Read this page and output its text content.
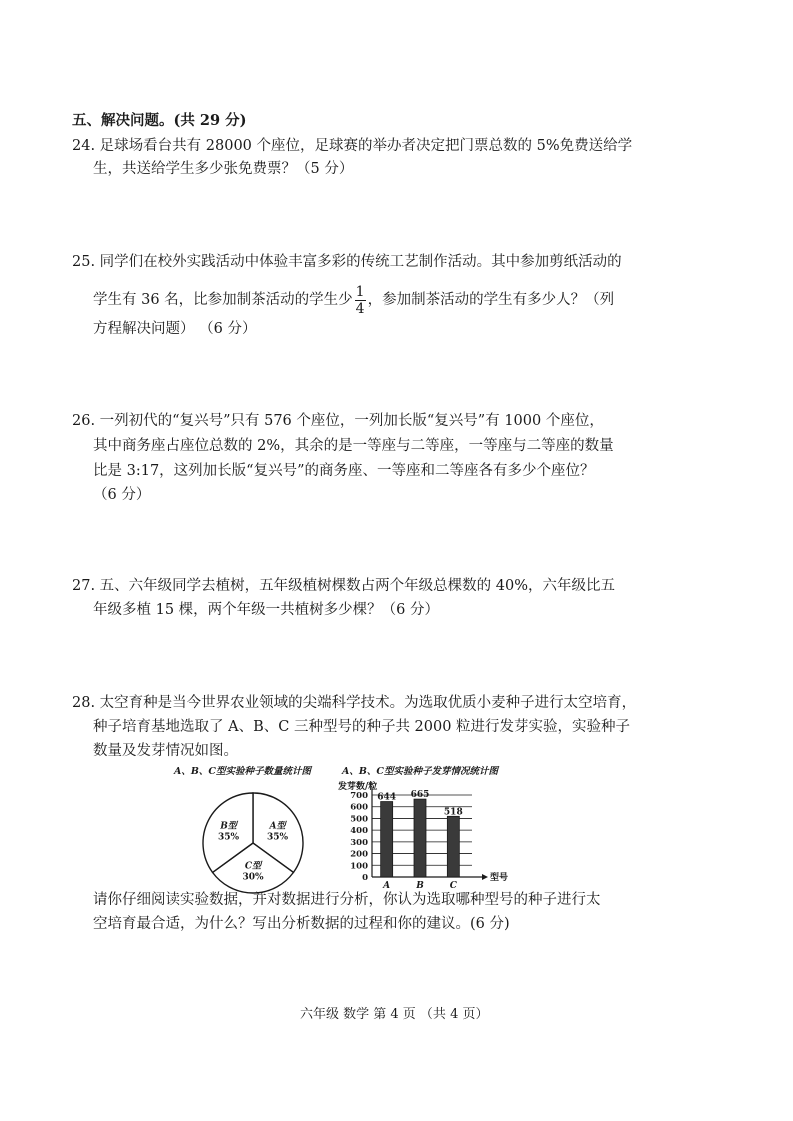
五、解决问题。(共 29 分)
24. 足球场看台共有 28000 个座位，足球赛的举办者决定把门票总数的 5%免费送给学
生，共送给学生多少张免费票？（5 分）
25. 同学们在校外实践活动中体验丰富多彩的传统工艺制作活动。其中参加剪纸活动的
学生有 36 名，比参加制茶活动的学生少 $\frac{1}{4}$ ，参加制茶活动的学生有多少人？（列
方程解决问题） （6 分）
26. 一列初代的“复兴号”只有 576 个座位，一列加长版“复兴号”有 1000 个座位，
其中商务座占座位总数的 2%，其余的是一等座与二等座，一等座与二等座的数量
比是 3:17，这列加长版“复兴号”的商务座、一等座和二等座各有多少个座位？
（6 分）
27. 五、六年级同学去植树，五年级植树棵数占两个年级总棵数的 40%，六年级比五
年级多植 15 棵，两个年级一共植树多少棵？（6 分）
28. 太空育种是当今世界农业领域的尖端科学技术。为选取优质小麦种子进行太空培育，
种子培育基地选取了 A、B、C 三种型号的种子共 2000 粒进行发芽实验，实验种子
数量及发芽情况如图。
A、B、C型实验种子数量统计图
A型
35%
C型
30%
B型
35%
A、B、C型实验种子发芽情况统计图
发芽数/粒
0
100
200
300
400
500
600
700
型号
644
A
665
B
518
C
请你仔细阅读实验数据，并对数据进行分析，你认为选取哪种型号的种子进行太
空培育最合适，为什么？写出分析数据的过程和你的建议。(6 分)
六年级 数学 第 4 页 （共 4 页）
